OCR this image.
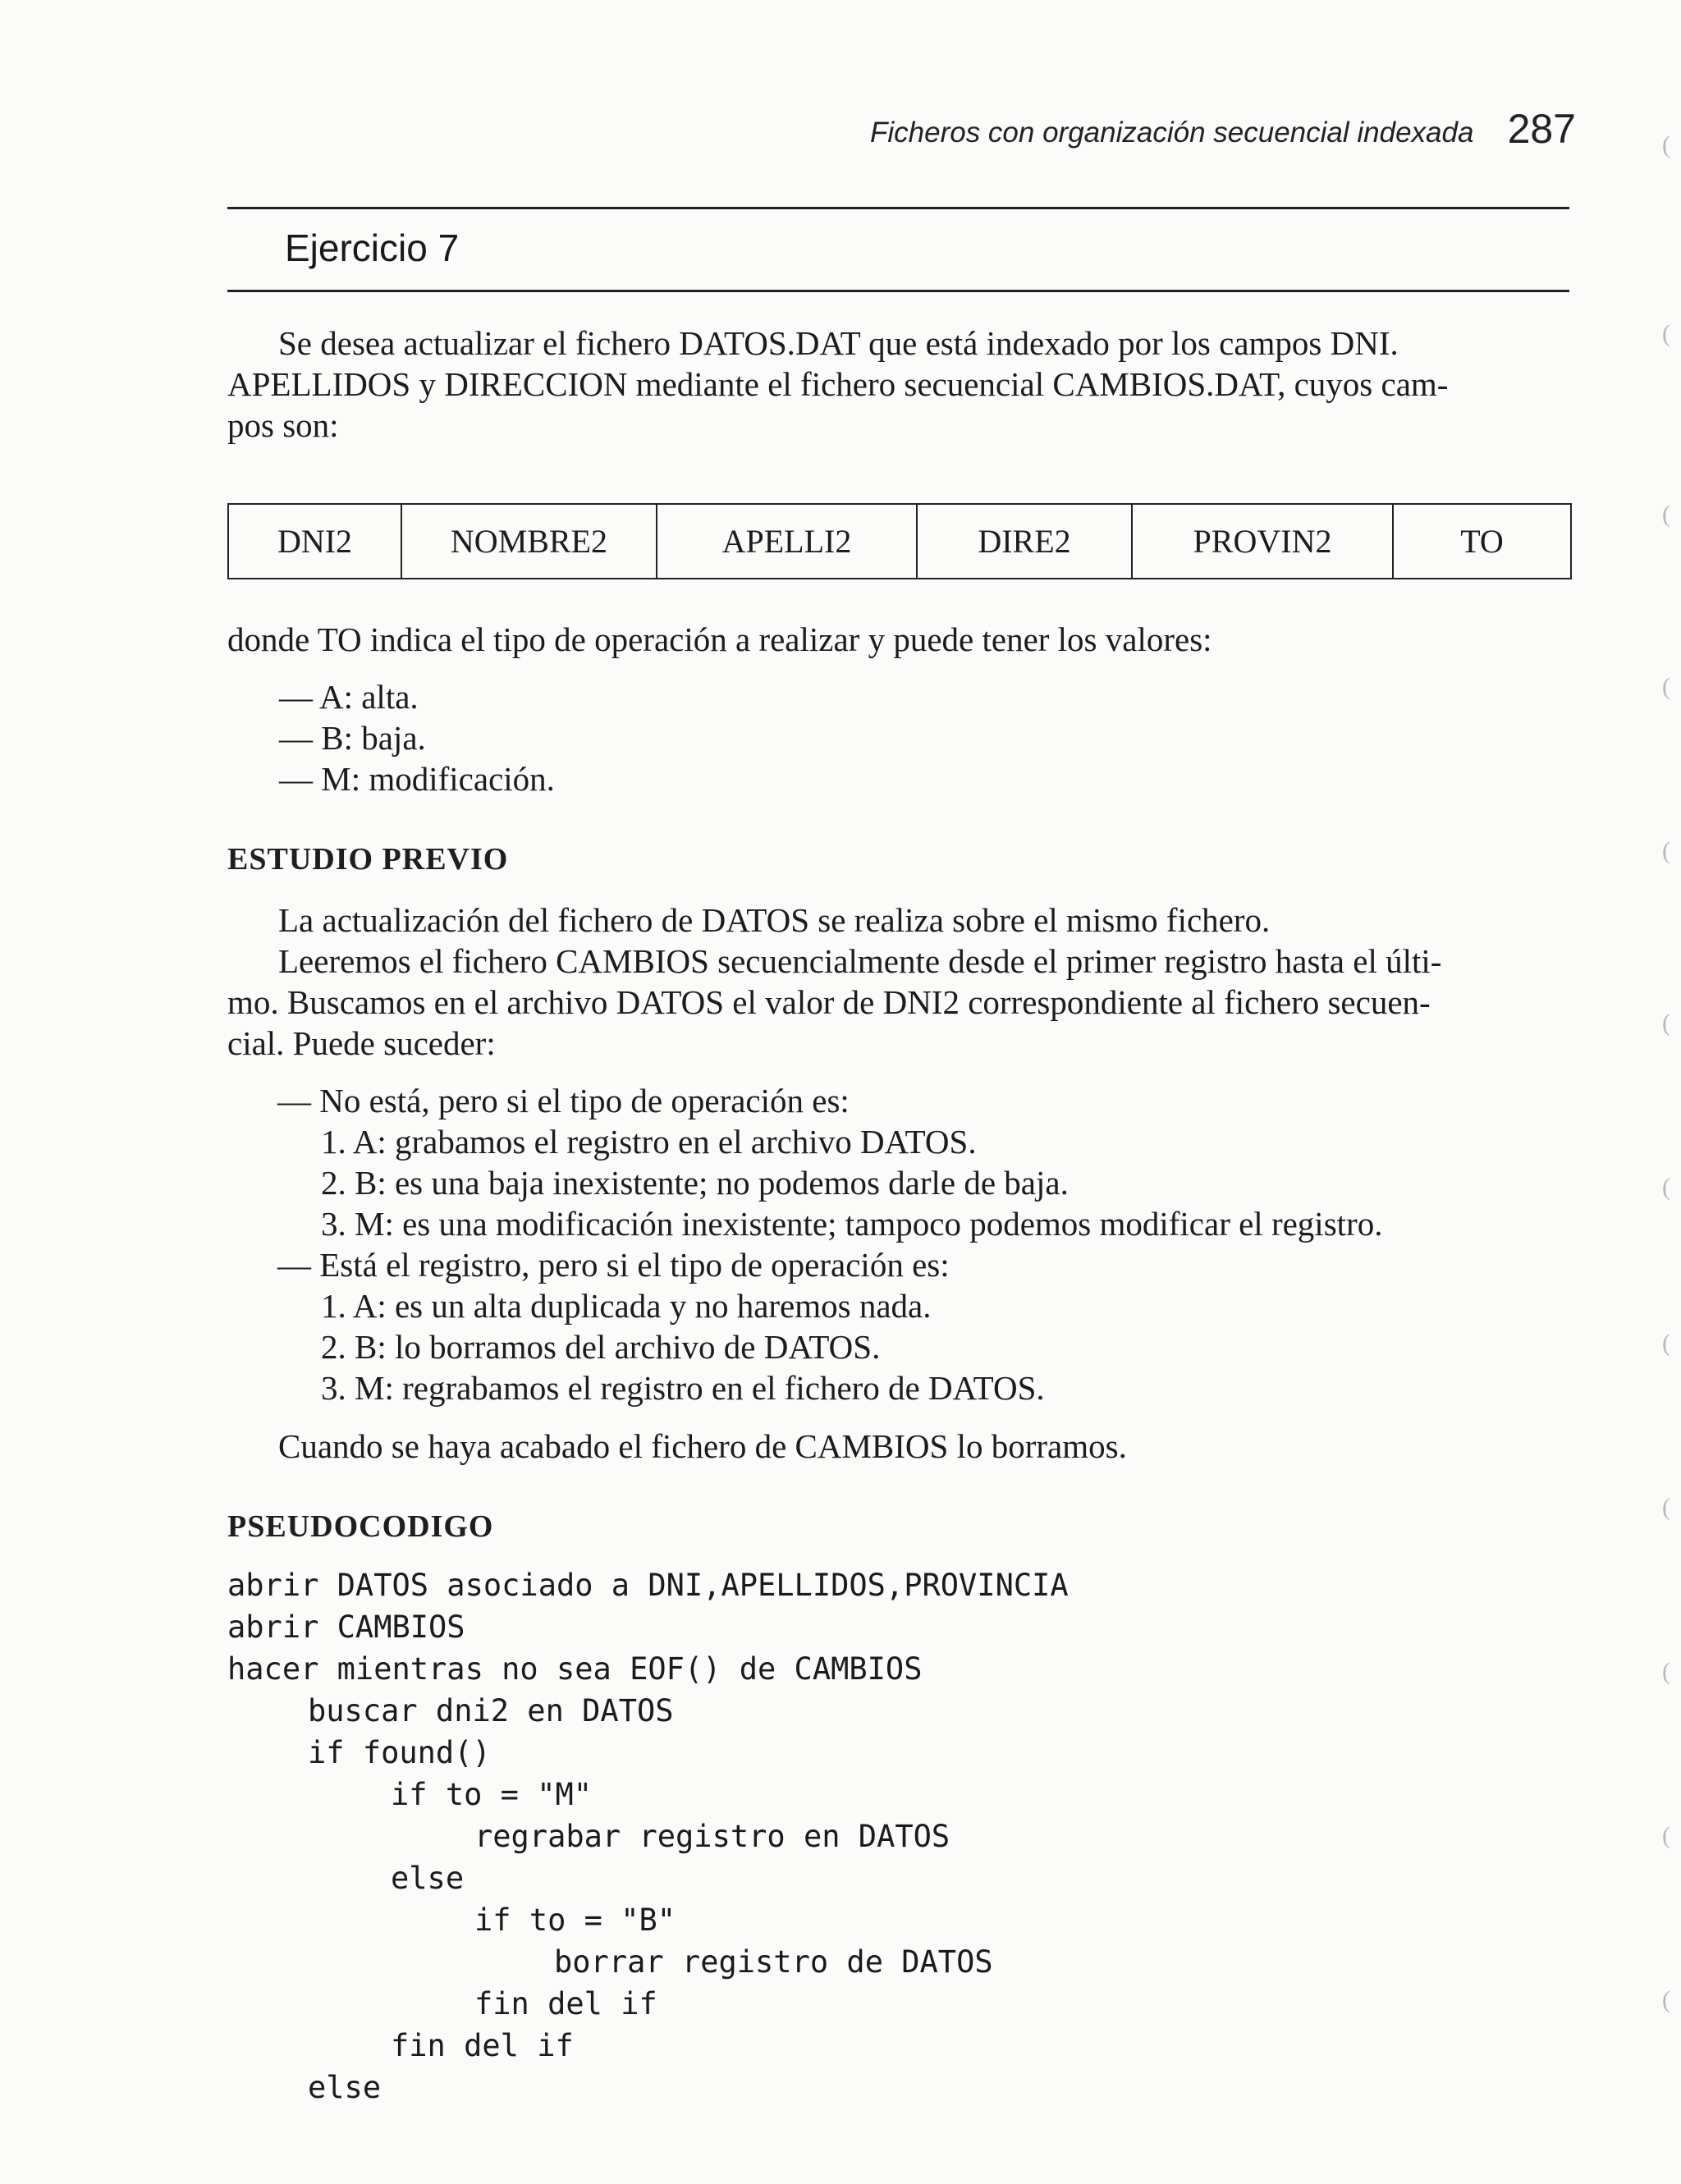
Ficheros con organización secuencial indexada 287
Ejercicio 7
Se desea actualizar el fichero DATOS.DAT que está indexado por los campos DNI.
APELLIDOS y DIRECCION mediante el fichero secuencial CAMBIOS.DAT, cuyos cam-
pos son:
DNI2	NOMBRE2	APELLI2	DIRE2	PROVIN2	TO
donde TO indica el tipo de operación a realizar y puede tener los valores:
— A: alta.
— B: baja.
— M: modificación.
ESTUDIO PREVIO
La actualización del fichero de DATOS se realiza sobre el mismo fichero.
Leeremos el fichero CAMBIOS secuencialmente desde el primer registro hasta el últi-
mo. Buscamos en el archivo DATOS el valor de DNI2 correspondiente al fichero secuen-
cial. Puede suceder:
— No está, pero si el tipo de operación es:
1. A: grabamos el registro en el archivo DATOS.
2. B: es una baja inexistente; no podemos darle de baja.
3. M: es una modificación inexistente; tampoco podemos modificar el registro.
— Está el registro, pero si el tipo de operación es:
1. A: es un alta duplicada y no haremos nada.
2. B: lo borramos del archivo de DATOS.
3. M: regrabamos el registro en el fichero de DATOS.
Cuando se haya acabado el fichero de CAMBIOS lo borramos.
PSEUDOCODIGO
abrir DATOS asociado a DNI,APELLIDOS,PROVINCIA
abrir CAMBIOS
hacer mientras no sea EOF() de CAMBIOS
buscar dni2 en DATOS
if found()
if to = "M"
regrabar registro en DATOS
else
if to = "B"
borrar registro de DATOS
fin del if
fin del if
else
(
(
(
(
(
(
(
(
(
(
(
(
